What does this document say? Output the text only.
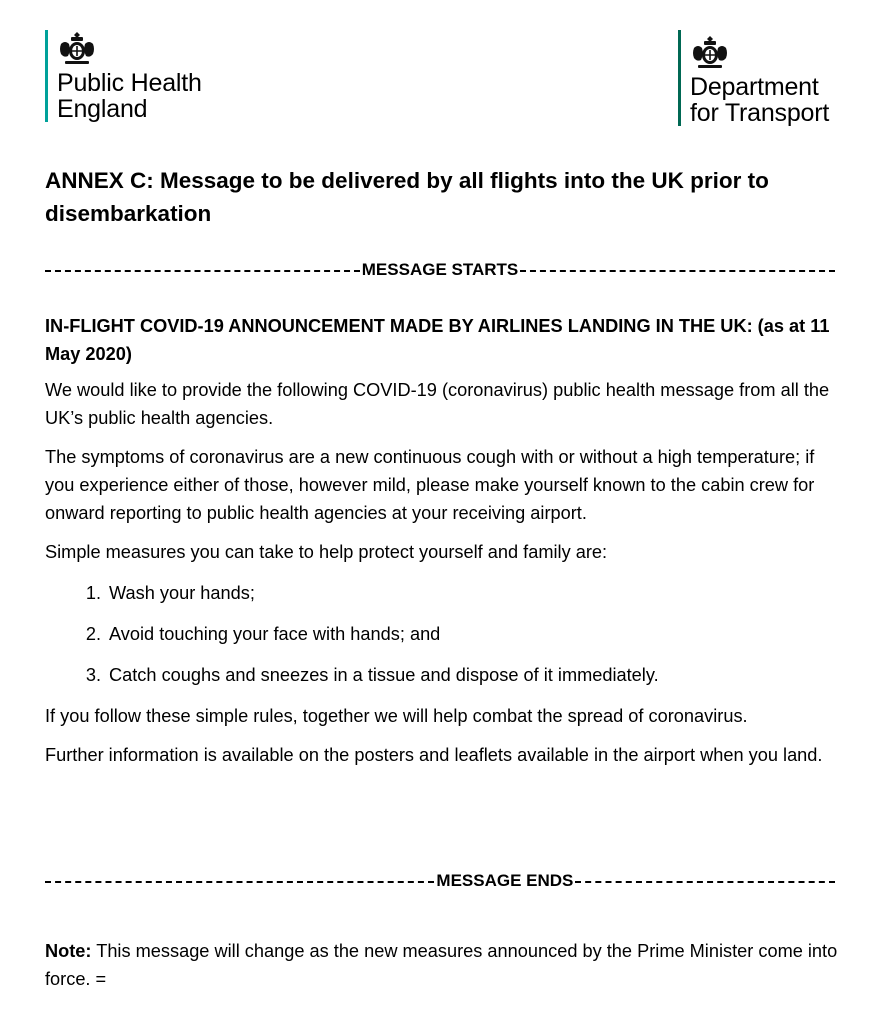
Public Health
England
Department
for Transport
ANNEX C: Message to be delivered by all flights into the UK prior to disembarkation
MESSAGE STARTS

IN-FLIGHT COVID-19 ANNOUNCEMENT MADE BY AIRLINES LANDING IN THE UK: (as at 11 May 2020)

We would like to provide the following COVID-19 (coronavirus) public health message from all the UK’s public health agencies.

The symptoms of coronavirus are a new continuous cough with or without a high temperature; if you experience either of those, however mild, please make yourself known to the cabin crew for onward reporting to public health agencies at your receiving airport.

Simple measures you can take to help protect yourself and family are:

1. Wash your hands;
2. Avoid touching your face with hands; and
3. Catch coughs and sneezes in a tissue and dispose of it immediately.

If you follow these simple rules, together we will help combat the spread of coronavirus.

Further information is available on the posters and leaflets available in the airport when you land.

MESSAGE ENDS
Note: This message will change as the new measures announced by the Prime Minister come into force. =
